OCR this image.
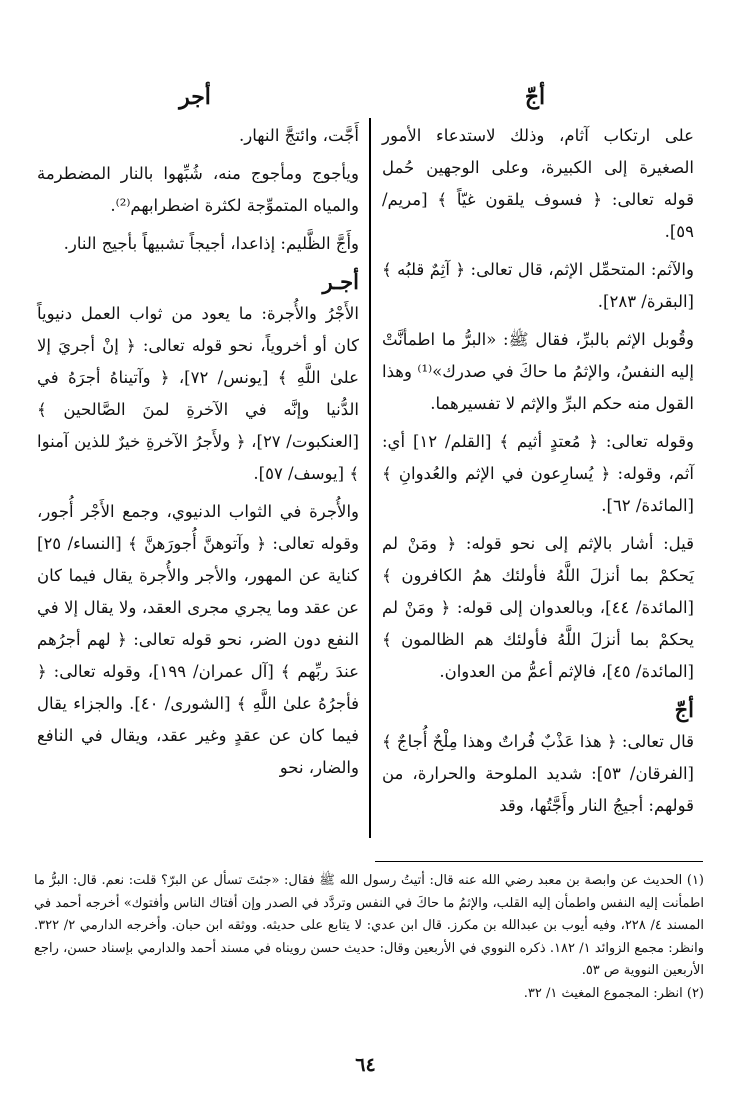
أجّ
أجر

على ارتكاب آثام، وذلك لاستدعاء الأمور الصغيرة إلى الكبيرة، وعلى الوجهين حُمل قوله تعالى: ﴿ فسوف يلقون غيّاً ﴾ [مريم/ ٥٩].

والآثم: المتحمِّل الإثم، قال تعالى: ﴿ آثِمٌ قلبُه ﴾ [البقرة/ ٢٨٣].

وقُوبل الإثم بالبرِّ، فقال ﷺ: «البرُّ ما اطمأنَّتْ إليه النفسُ، والإثمُ ما حاكَ في صدرك»⁽¹⁾ وهذا القول منه حكم البرِّ والإثم لا تفسيرهما.

وقوله تعالى: ﴿ مُعتدٍ أثيم ﴾ [القلم/ ١٢] أي: آثم، وقوله: ﴿ يُسارِعون في الإثم والعُدوانِ ﴾ [المائدة/ ٦٢].

قيل: أشار بالإثم إلى نحو قوله: ﴿ ومَنْ لم يَحكمْ بما أنزلَ اللَّهُ فأولئك همُ الكافرون ﴾ [المائدة/ ٤٤]، وبالعدوان إلى قوله: ﴿ ومَنْ لم يحكمْ بما أنزلَ اللَّهُ فأولئك هم الظالمون ﴾ [المائدة/ ٤٥]، فالإثم أعمُّ من العدوان.

أجّ

قال تعالى: ﴿ هذا عَذْبٌ فُراتٌ وهذا مِلْحٌ أُجاجٌ ﴾ [الفرقان/ ٥٣]: شديد الملوحة والحرارة، من قولهم: أجيجُ النار وأَجَّتُها، وقد

أَجَّت، وائتجَّ النهار.

ويأجوج ومأجوج منه، شُبِّهوا بالنار المضطرمة والمياه المتموِّجة لكثرة اضطرابهم⁽²⁾.

وأَجَّ الظَّليم: إذاعدا، أجيجاً تشبيهاً بأجيج النار.

أجـر

الأَجْرُ والأُجرة: ما يعود من ثواب العمل دنيوياً كان أو أخروياً، نحو قوله تعالى: ﴿ إنْ أجريَ إلا علىٰ اللَّهِ ﴾ [يونس/ ٧٢]، ﴿ وآتيناهُ أجرَهُ في الدُّنيا وإنَّه في الآخرةِ لمنَ الصَّالحين ﴾ [العنكبوت/ ٢٧]، ﴿ ولأَجرُ الآخرةِ خيرٌ للذين آمنوا ﴾ [يوسف/ ٥٧].

والأُجرة في الثواب الدنيوي، وجمع الأَجْر أُجور، وقوله تعالى: ﴿ وآتوهنَّ أُجورَهنَّ ﴾ [النساء/ ٢٥] كناية عن المهور، والأجر والأُجرة يقال فيما كان عن عقد وما يجري مجرى العقد، ولا يقال إلا في النفع دون الضر، نحو قوله تعالى: ﴿ لهم أجرُهم عندَ ربِّهم ﴾ [آل عمران/ ١٩٩]، وقوله تعالى: ﴿ فأجرُهُ علىٰ اللَّهِ ﴾ [الشورى/ ٤٠]. والجزاء يقال فيما كان عن عقدٍ وغير عقد، ويقال في النافع والضار، نحو

(١) الحديث عن وابصة بن معبد رضي الله عنه قال: أتيتُ رسول الله ﷺ فقال: «جئتَ تسأل عن البرّ؟ قلت: نعم. قال: البرُّ ما اطمأنت إليه النفس واطمأن إليه القلب، والإثمُ ما حاكَ في النفس وتردَّد في الصدر وإن أفتاك الناس وأفتوك» أخرجه أحمد في المسند ٤/ ٢٢٨، وفيه أيوب بن عبدالله بن مكرز. قال ابن عدي: لا يتابع على حديثه. ووثقه ابن حبان. وأخرجه الدارمي ٢/ ٣٢٢. وانظر: مجمع الزوائد ١/ ١٨٢. ذكره النووي في الأربعين وقال: حديث حسن رويناه في مسند أحمد والدارمي بإسناد حسن، راجع الأربعين النووية ص ٥٣.

(٢) انظر: المجموع المغيث ١/ ٣٢.

٦٤
